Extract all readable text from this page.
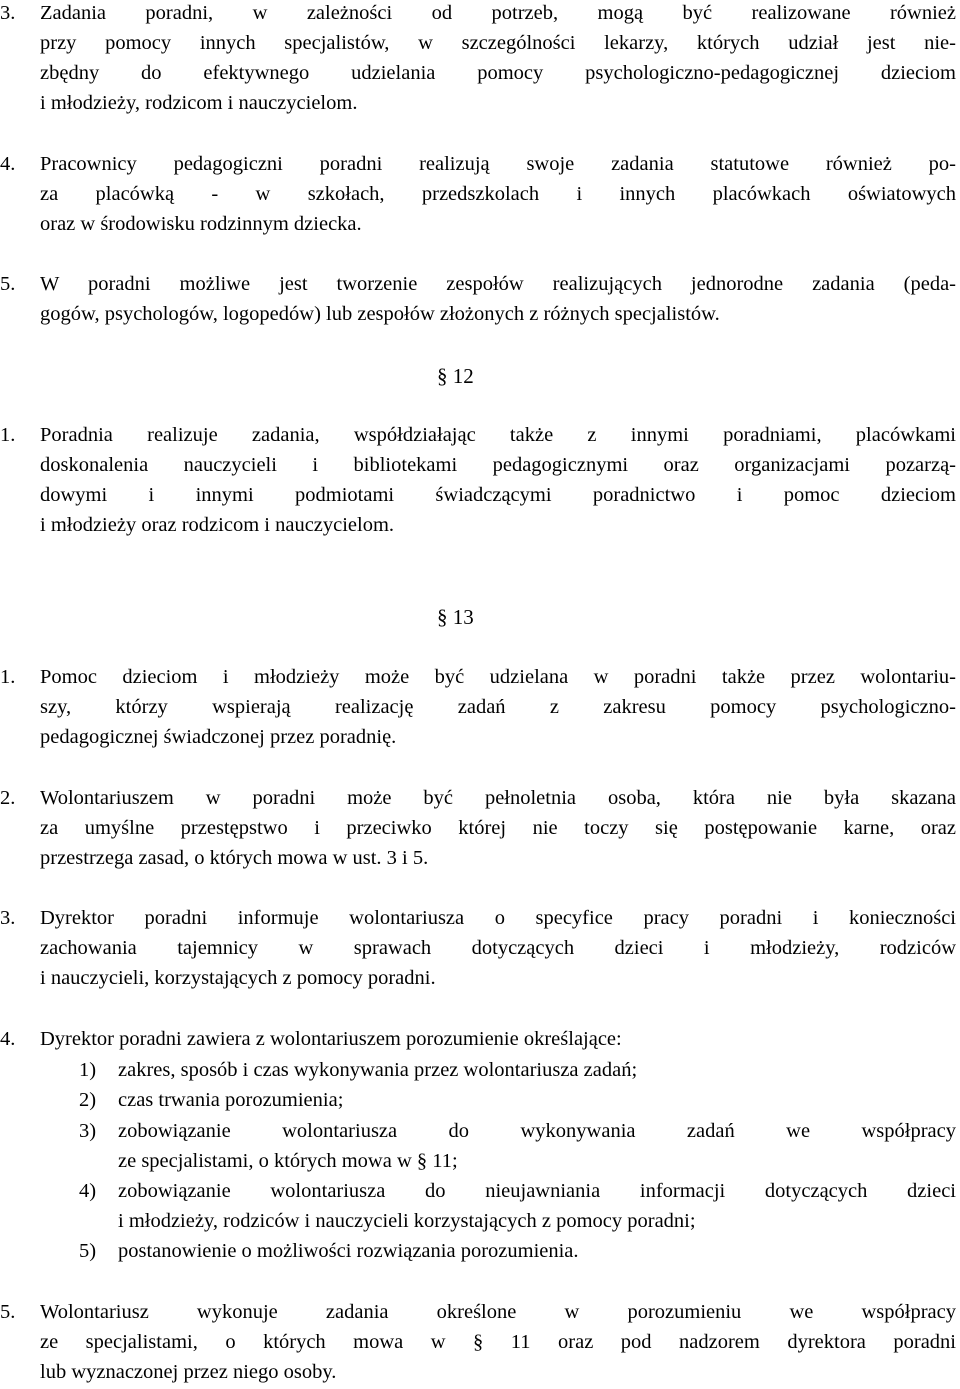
3. Zadania poradni, w zależności od potrzeb, mogą być realizowane również
przy pomocy innych specjalistów, w szczególności lekarzy, których udział jest nie-
zbędny do efektywnego udzielania pomocy psychologiczno-pedagogicznej dzieciom
i młodzieży, rodzicom i nauczycielom.
4. Pracownicy pedagogiczni poradni realizują swoje zadania statutowe również po-
za placówką - w szkołach, przedszkolach i innych placówkach oświatowych
oraz w środowisku rodzinnym dziecka.
5. W poradni możliwe jest tworzenie zespołów realizujących jednorodne zadania (peda-
gogów, psychologów, logopedów) lub zespołów złożonych z różnych specjalistów.
§ 12
1. Poradnia realizuje zadania, współdziałając także z innymi poradniami, placówkami
doskonalenia nauczycieli i bibliotekami pedagogicznymi oraz organizacjami pozarzą-
dowymi i innymi podmiotami świadczącymi poradnictwo i pomoc dzieciom
i młodzieży oraz rodzicom i nauczycielom.
§ 13
1. Pomoc dzieciom i młodzieży może być udzielana w poradni także przez wolontariu-
szy, którzy wspierają realizację zadań z zakresu pomocy psychologiczno-
pedagogicznej świadczonej przez poradnię.
2. Wolontariuszem w poradni może być pełnoletnia osoba, która nie była skazana
za umyślne przestępstwo i przeciwko której nie toczy się postępowanie karne, oraz
przestrzega zasad, o których mowa w ust. 3 i 5.
3. Dyrektor poradni informuje wolontariusza o specyfice pracy poradni i konieczności
zachowania tajemnicy w sprawach dotyczących dzieci i młodzieży, rodziców
i nauczycieli, korzystających z pomocy poradni.
4. Dyrektor poradni zawiera z wolontariuszem porozumienie określające:
1) zakres, sposób i czas wykonywania przez wolontariusza zadań;
2) czas trwania porozumienia;
3) zobowiązanie wolontariusza do wykonywania zadań we współpracy
ze specjalistami, o których mowa w § 11;
4) zobowiązanie wolontariusza do nieujawniania informacji dotyczących dzieci
i młodzieży, rodziców i nauczycieli korzystających z pomocy poradni;
5) postanowienie o możliwości rozwiązania porozumienia.
5. Wolontariusz wykonuje zadania określone w porozumieniu we współpracy
ze specjalistami, o których mowa w § 11 oraz pod nadzorem dyrektora poradni
lub wyznaczonej przez niego osoby.
